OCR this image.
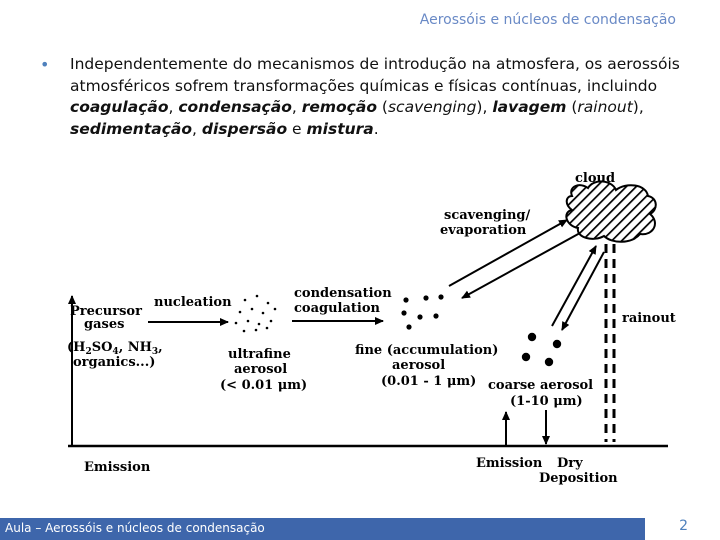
Aerossóis e núcleos de condensação
• Independentemente do mecanismos de introdução na atmosfera, os aerossóis atmosféricos sofrem transformações químicas e físicas contínuas, incluindo coagulação, condensação, remoção (scavenging), lavagem (rainout), sedimentação, dispersão e mistura.
cloud
scavenging/
evaporation
rainout
Precursor
gases
($H_2SO_4$, $NH_3$,
organics...)
nucleation
ultrafine
aerosol
(< 0.01 μm)
condensation
coagulation
fine (accumulation)
aerosol
(0.01 - 1 μm) coarse aerosol
(1-10 μm)
Emission	Emission Dry
Deposition
Aula – Aerossóis e núcleos de condensação	2
